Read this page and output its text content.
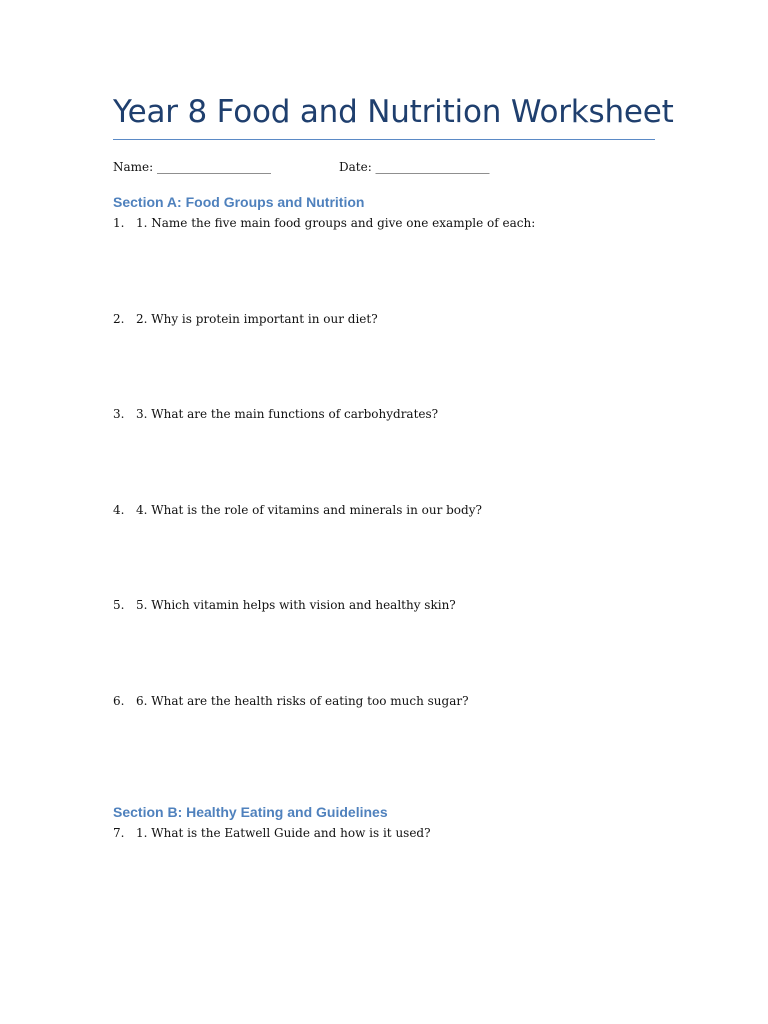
Year 8 Food and Nutrition Worksheet
Name: ___________________	Date: ___________________
Section A: Food Groups and Nutrition
1. 1. Name the five main food groups and give one example of each:
2. 2. Why is protein important in our diet?
3. 3. What are the main functions of carbohydrates?
4. 4. What is the role of vitamins and minerals in our body?
5. 5. Which vitamin helps with vision and healthy skin?
6. 6. What are the health risks of eating too much sugar?
Section B: Healthy Eating and Guidelines
7. 1. What is the Eatwell Guide and how is it used?
